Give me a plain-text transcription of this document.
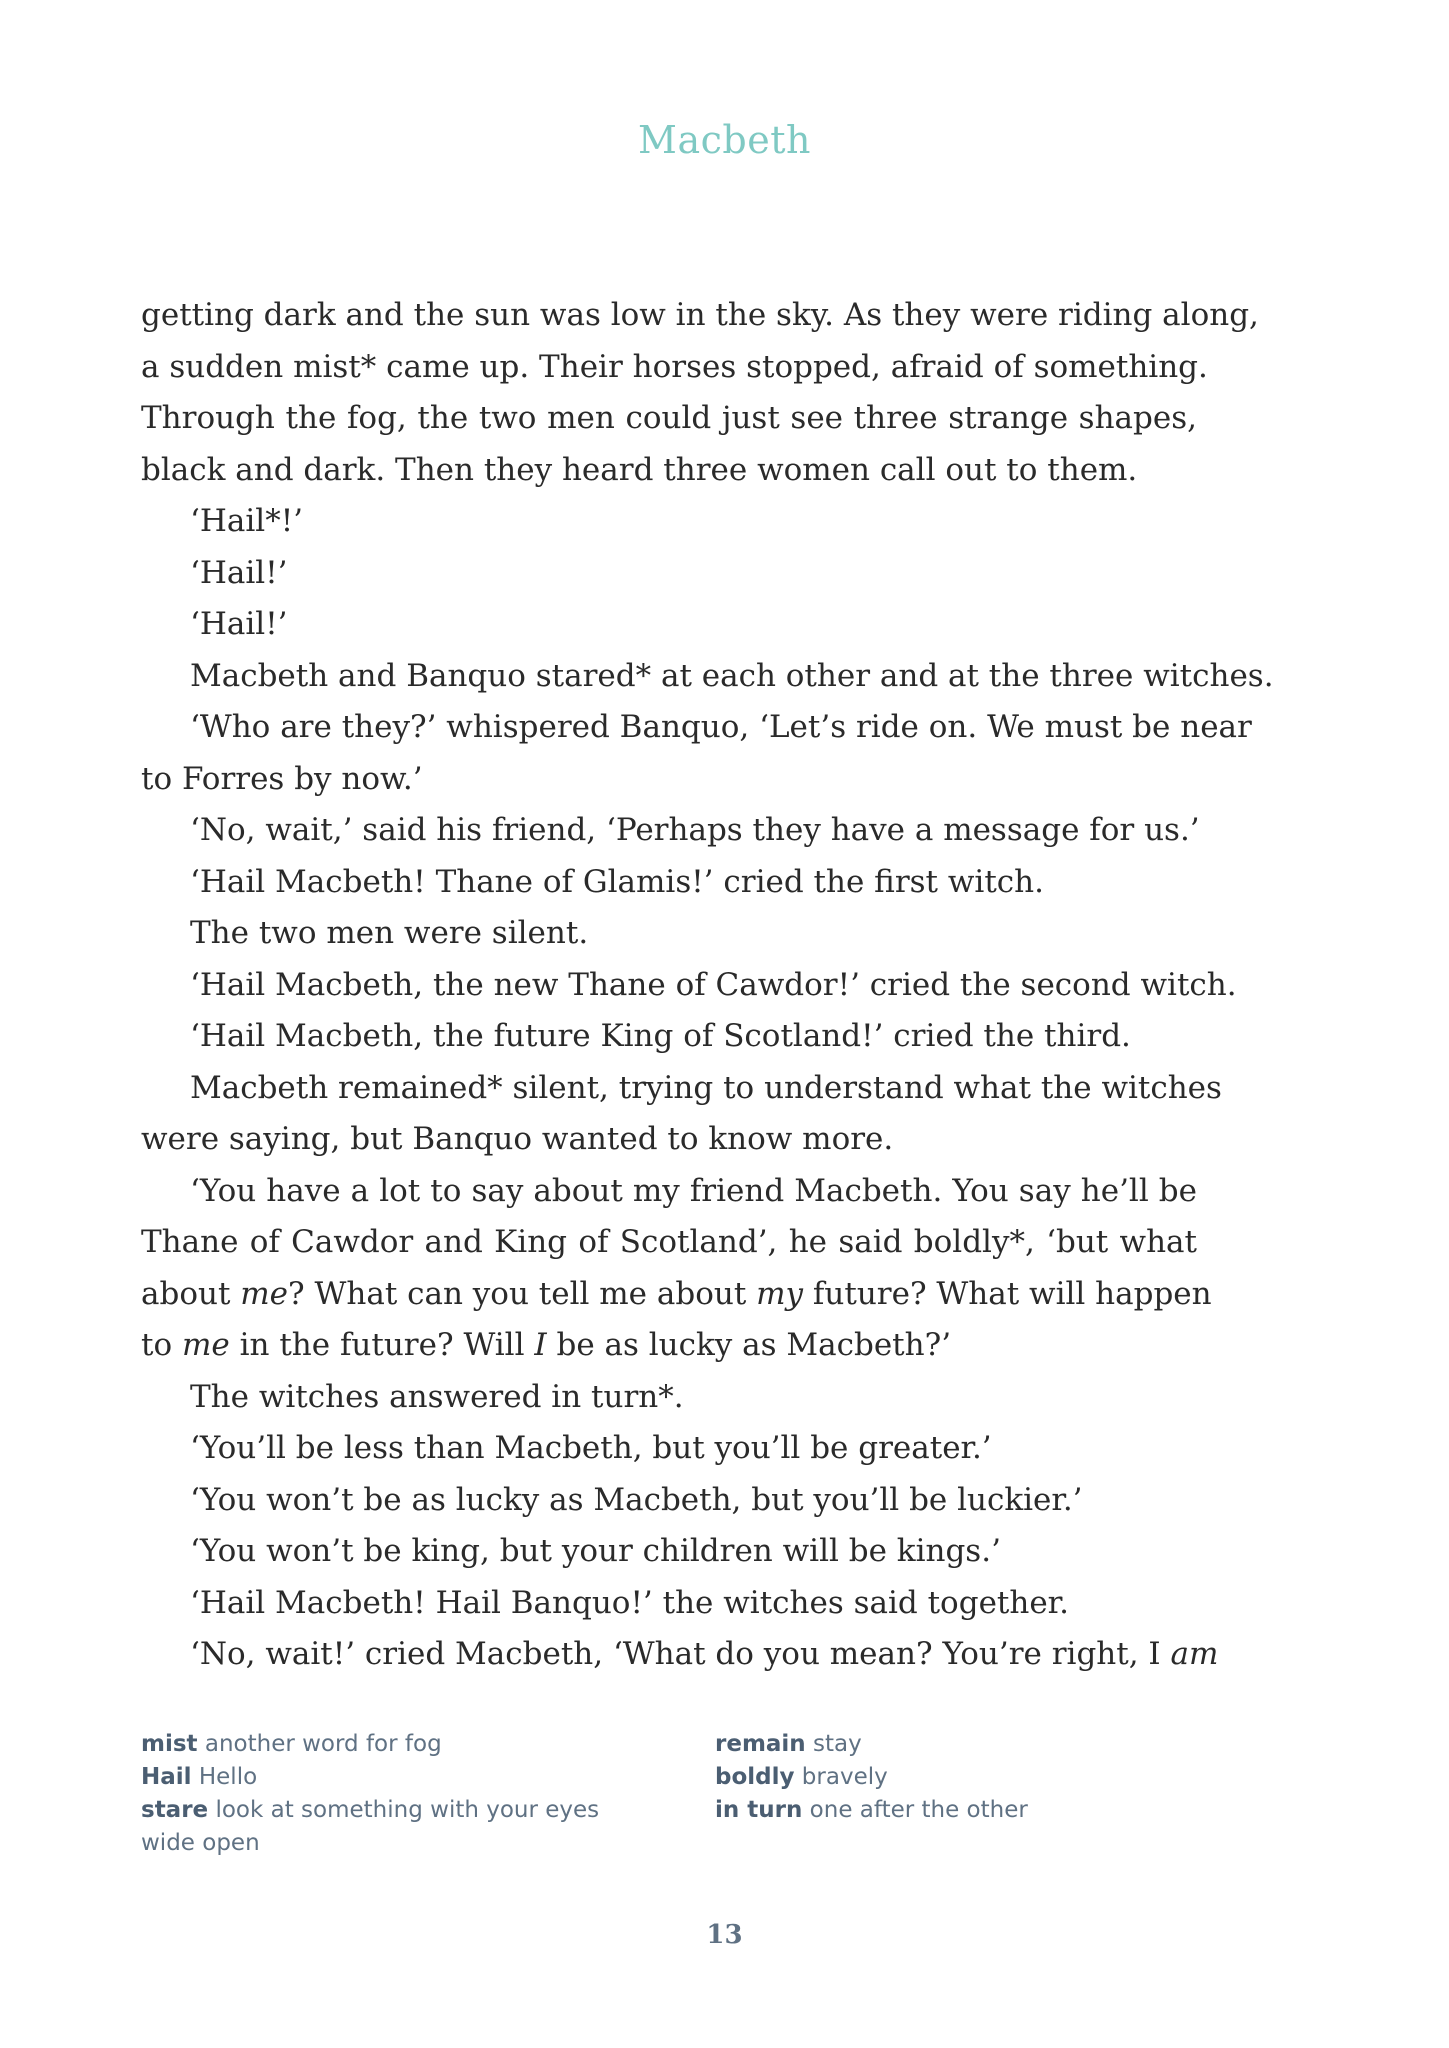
Macbeth
getting dark and the sun was low in the sky. As they were riding along,
a sudden mist* came up. Their horses stopped, afraid of something.
Through the fog, the two men could just see three strange shapes,
black and dark. Then they heard three women call out to them.
‘Hail*!’
‘Hail!’
‘Hail!’
Macbeth and Banquo stared* at each other and at the three witches.
‘Who are they?’ whispered Banquo, ‘Let’s ride on. We must be near
to Forres by now.’
‘No, wait,’ said his friend, ‘Perhaps they have a message for us.’
‘Hail Macbeth! Thane of Glamis!’ cried the first witch.
The two men were silent.
‘Hail Macbeth, the new Thane of Cawdor!’ cried the second witch.
‘Hail Macbeth, the future King of Scotland!’ cried the third.
Macbeth remained* silent, trying to understand what the witches
were saying, but Banquo wanted to know more.
‘You have a lot to say about my friend Macbeth. You say he’ll be
Thane of Cawdor and King of Scotland’, he said boldly*, ‘but what
about me? What can you tell me about my future? What will happen
to me in the future? Will I be as lucky as Macbeth?’
The witches answered in turn*.
‘You’ll be less than Macbeth, but you’ll be greater.’
‘You won’t be as lucky as Macbeth, but you’ll be luckier.’
‘You won’t be king, but your children will be kings.’
‘Hail Macbeth! Hail Banquo!’ the witches said together.
‘No, wait!’ cried Macbeth, ‘What do you mean? You’re right, I am
mist another word for fog
Hail Hello
stare look at something with your eyes wide open
remain stay
boldly bravely
in turn one after the other
13
